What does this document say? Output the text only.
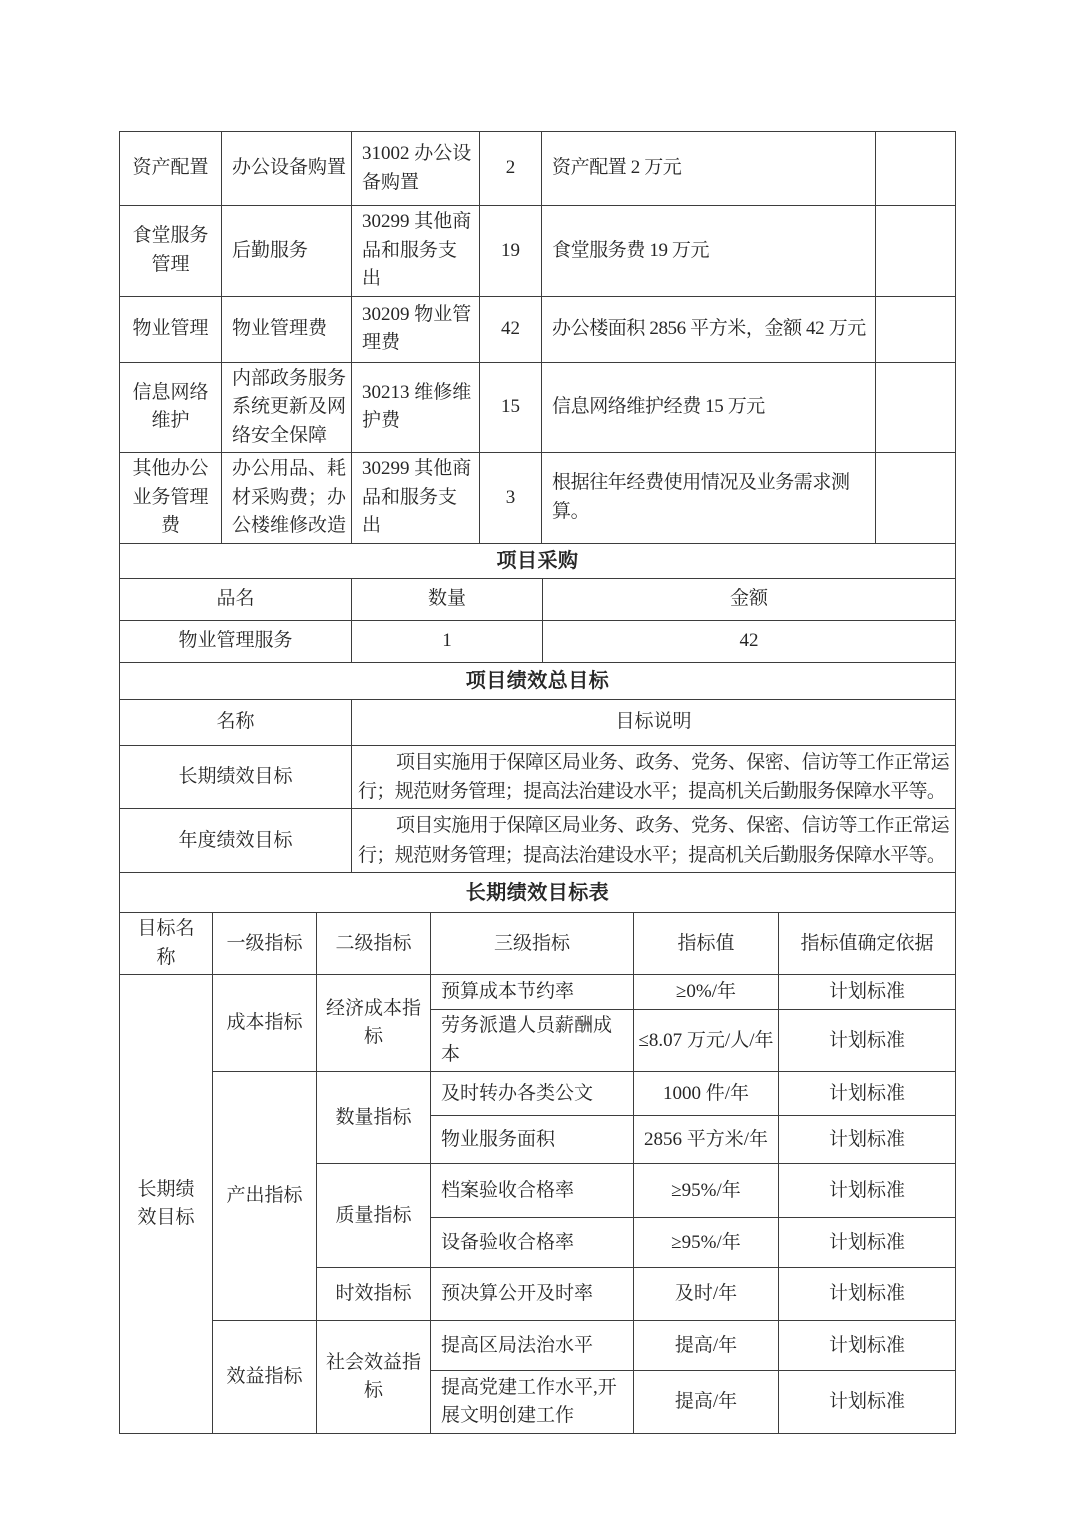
资产配置	办公设备购置	31002 办公设备购置	2	资产配置 2 万元	
食堂服务管理	后勤服务	30299 其他商品和服务支出	19	食堂服务费 19 万元	
物业管理	物业管理费	30209 物业管理费	42	办公楼面积 2856 平方米，金额 42 万元	
信息网络维护	内部政务服务系统更新及网络安全保障	30213 维修维护费	15	信息网络维护经费 15 万元	
其他办公业务管理费	办公用品、耗材采购费；办公楼维修改造	30299 其他商品和服务支出	3	根据往年经费使用情况及业务需求测算。	
项目采购		
品名	数量	金额
物业管理服务	1	42
项目绩效总目标	
名称	目标说明
长期绩效目标	项目实施用于保障区局业务、政务、党务、保密、信访等工作正常运行；规范财务管理；提高法治建设水平；提高机关后勤服务保障水平等。
年度绩效目标	项目实施用于保障区局业务、政务、党务、保密、信访等工作正常运行；规范财务管理；提高法治建设水平；提高机关后勤服务保障水平等。
长期绩效目标表					
目标名称	一级指标	二级指标	三级指标	指标值	指标值确定依据
长期绩效目标	成本指标	经济成本指标	预算成本节约率	≥0%/年	计划标准
			劳务派遣人员薪酬成本	≤8.07 万元/人/年	计划标准
	产出指标	数量指标	及时转办各类公文	1000 件/年	计划标准
			物业服务面积	2856 平方米/年	计划标准
		质量指标	档案验收合格率	≥95%/年	计划标准
			设备验收合格率	≥95%/年	计划标准
		时效指标	预决算公开及时率	及时/年	计划标准
	效益指标	社会效益指标	提高区局法治水平	提高/年	计划标准
			提高党建工作水平,开展文明创建工作	提高/年	计划标准
